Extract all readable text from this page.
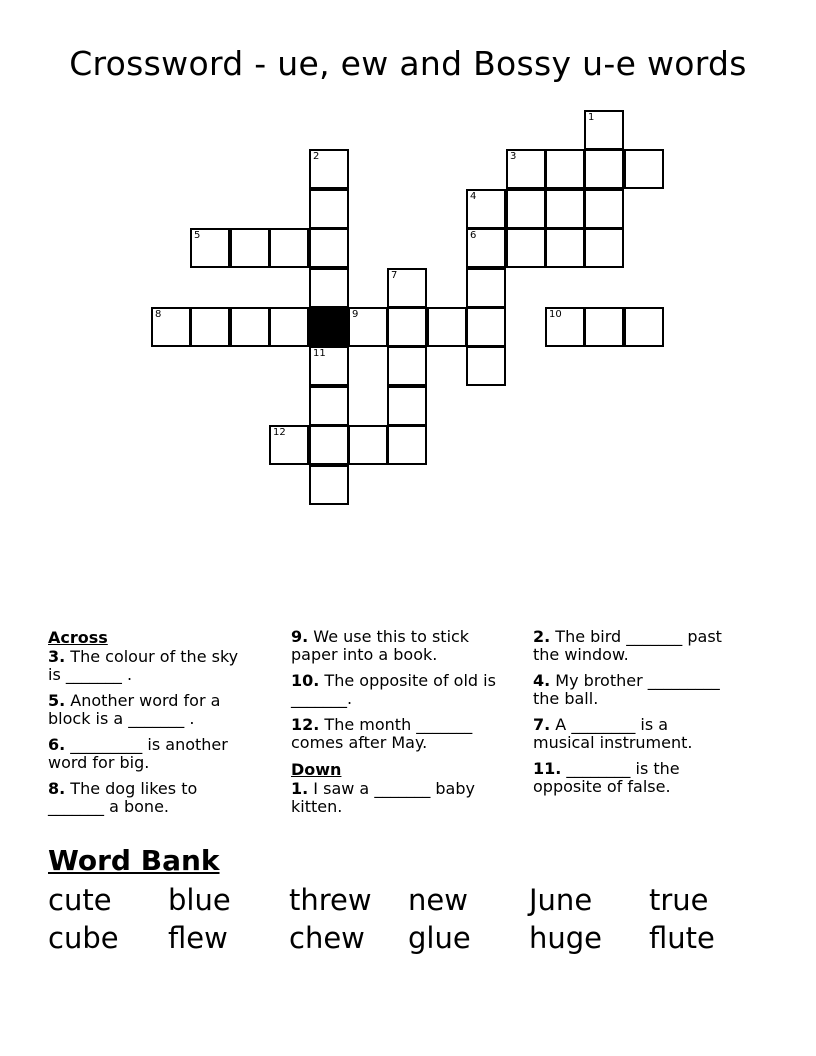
Crossword - ue, ew and Bossy u-e words
1
2	3
4
5	6
7
8	9	10
11
12
Across
3. The colour of the sky is _______ .
5. Another word for a block is a _______ .
6. _________ is another word for big.
8. The dog likes to _______ a bone.
9. We use this to stick paper into a book.
10. The opposite of old is _______.
12. The month _______ comes after May.
Down
1. I saw a _______ baby kitten.
2. The bird _______ past the window.
4. My brother _________ the ball.
7. A ________ is a musical instrument.
11. ________ is the opposite of false.
Word Bank
cute blue threw new June true
cube flew chew glue huge flute
